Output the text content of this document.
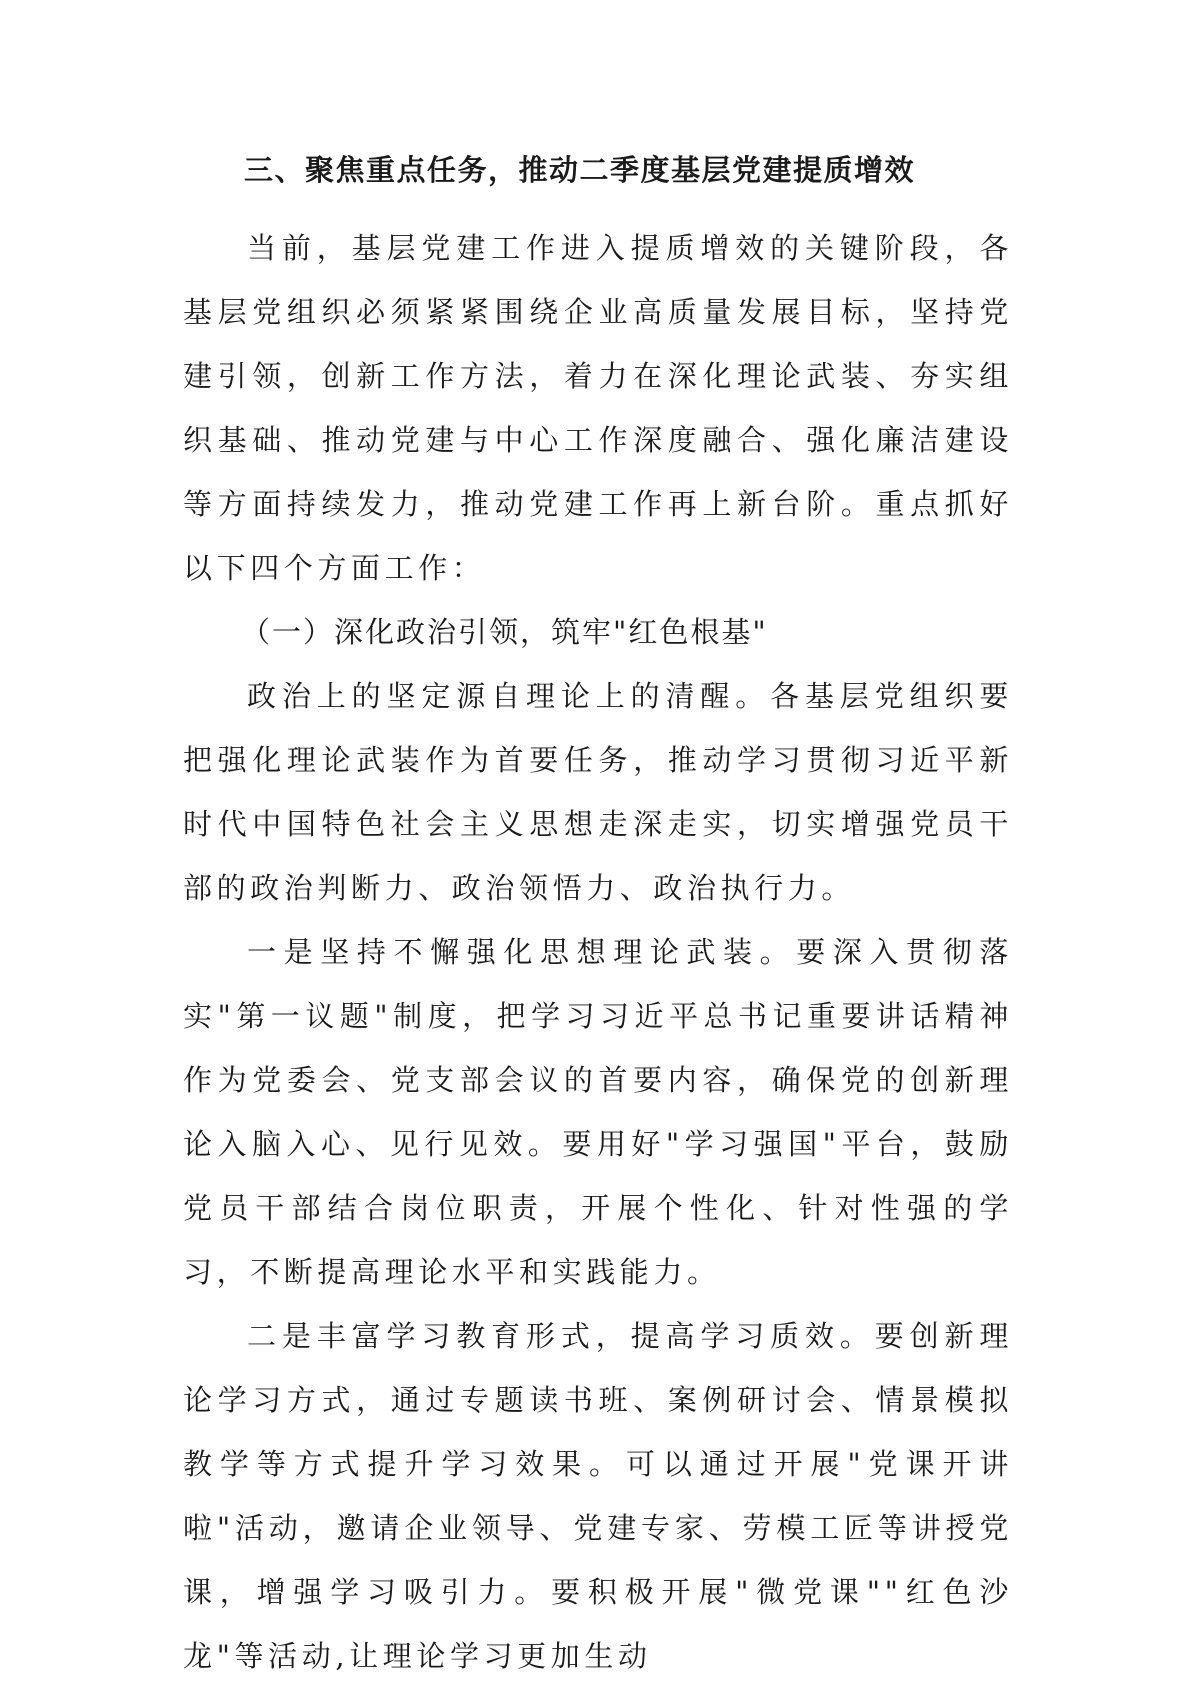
三、聚焦重点任务，推动二季度基层党建提质增效

当前，基层党建工作进入提质增效的关键阶段，各基层党组织必须紧紧围绕企业高质量发展目标，坚持党建引领，创新工作方法，着力在深化理论武装、夯实组织基础、推动党建与中心工作深度融合、强化廉洁建设等方面持续发力，推动党建工作再上新台阶。重点抓好以下四个方面工作：

（一）深化政治引领，筑牢"红色根基"

政治上的坚定源自理论上的清醒。各基层党组织要把强化理论武装作为首要任务，推动学习贯彻习近平新时代中国特色社会主义思想走深走实，切实增强党员干部的政治判断力、政治领悟力、政治执行力。

一是坚持不懈强化思想理论武装。要深入贯彻落实"第一议题"制度，把学习习近平总书记重要讲话精神作为党委会、党支部会议的首要内容，确保党的创新理论入脑入心、见行见效。要用好"学习强国"平台，鼓励党员干部结合岗位职责，开展个性化、针对性强的学习，不断提高理论水平和实践能力。

二是丰富学习教育形式，提高学习质效。要创新理论学习方式，通过专题读书班、案例研讨会、情景模拟教学等方式提升学习效果。可以通过开展"党课开讲啦"活动，邀请企业领导、党建专家、劳模工匠等讲授党课，增强学习吸引力。要积极开展"微党课""红色沙龙"等活动,让理论学习更加生动
